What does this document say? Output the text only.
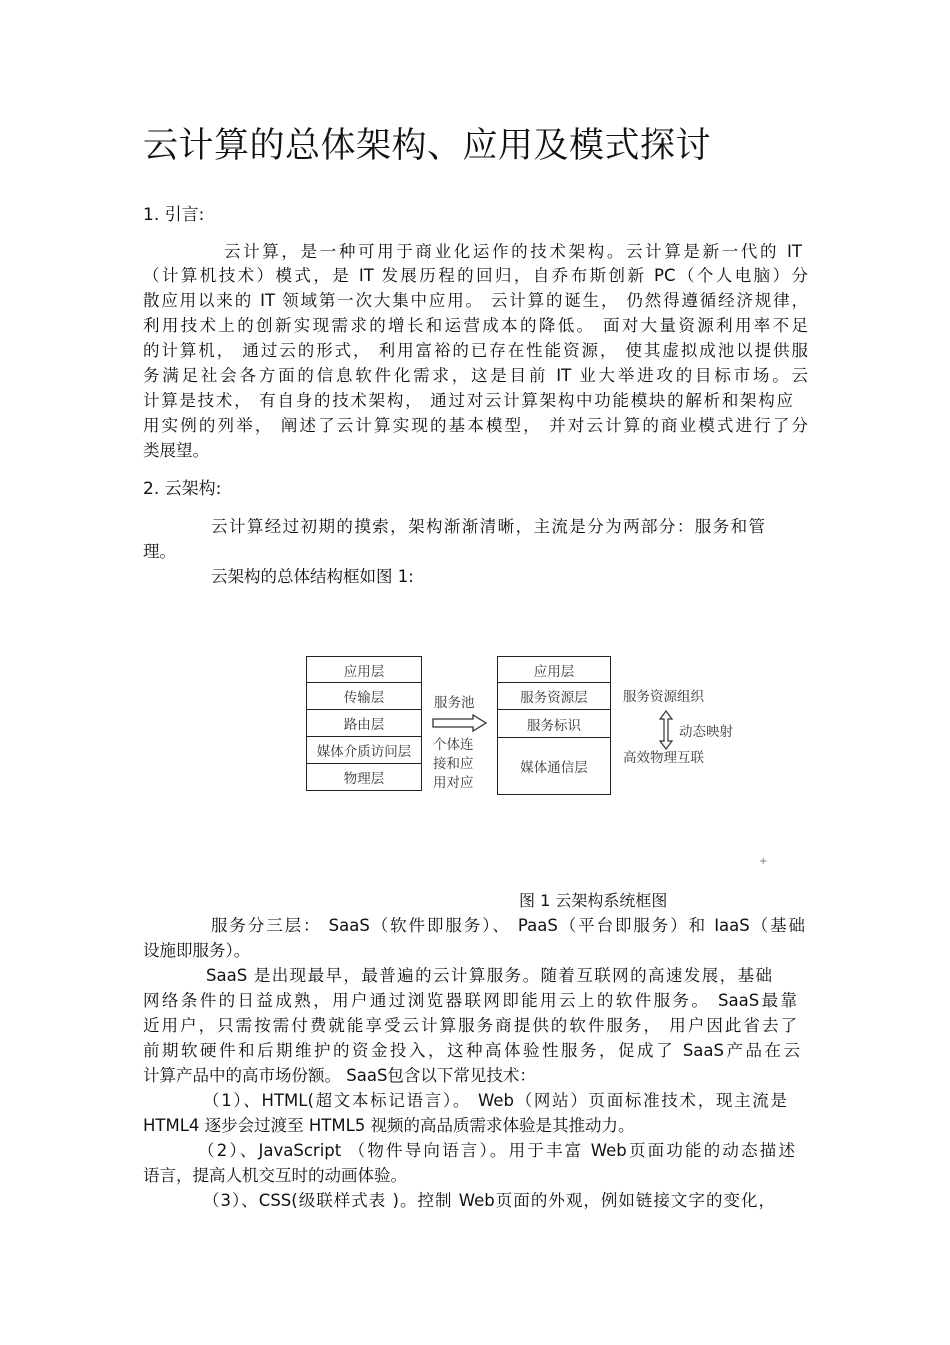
云计算的总体架构、应用及模式探讨
1. 引言:
云计算，是一种可用于商业化运作的技术架构。云计算是新一代的 IT
（计算机技术）模式，是 IT 发展历程的回归，自乔布斯创新 PC（个人电脑）分
散应用以来的 IT 领域第一次大集中应用。 云计算的诞生， 仍然得遵循经济规律，
利用技术上的创新实现需求的增长和运营成本的降低。 面对大量资源利用率不足
的计算机， 通过云的形式， 利用富裕的已存在性能资源， 使其虚拟成池以提供服
务满足社会各方面的信息软件化需求，这是目前 IT 业大举进攻的目标市场。云
计算是技术， 有自身的技术架构， 通过对云计算架构中功能模块的解析和架构应
用实例的列举， 阐述了云计算实现的基本模型， 并对云计算的商业模式进行了分
类展望。
2. 云架构:
云计算经过初期的摸索，架构渐渐清晰，主流是分为两部分：服务和管
理。
云架构的总体结构框如图 1:
应用层
传输层
路由层
媒体介质访问层
物理层
服务池
个体连
接和应
用对应
应用层
服务资源层
服务标识
媒体通信层
服务资源组织
动态映射
高效物理互联
+
图 1 云架构系统框图
服务分三层： SaaS（软件即服务）、 PaaS（平台即服务）和 IaaS（基础
设施即服务）。
SaaS 是出现最早，最普遍的云计算服务。随着互联网的高速发展，基础
网络条件的日益成熟，用户通过浏览器联网即能用云上的软件服务。 SaaS最靠
近用户，只需按需付费就能享受云计算服务商提供的软件服务， 用户因此省去了
前期软硬件和后期维护的资金投入，这种高体验性服务，促成了 SaaS产品在云
计算产品中的高市场份额。 SaaS包含以下常见技术：
（1）、HTML(超文本标记语言）。 Web（网站）页面标准技术，现主流是
HTML4 逐步会过渡至 HTML5 视频的高品质需求体验是其推动力。
（2）、JavaScript （物件导向语言）。用于丰富 Web页面功能的动态描述
语言，提高人机交互时的动画体验。
（3）、CSS(级联样式表 )。控制 Web页面的外观，例如链接文字的变化，
